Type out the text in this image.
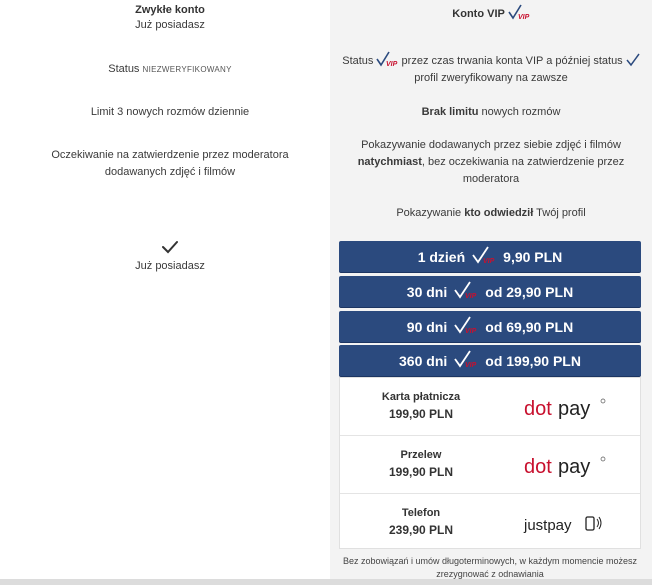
Zwykłe konto
Już posiadasz
Status NIEZWERYFIKOWANY
Limit 3 nowych rozmów dziennie
Oczekiwanie na zatwierdzenie przez moderatora dodawanych zdjęć i filmów
Już posiadasz
Konto VIP VIP
Status VIP przez czas trwania konta VIP a później status
profil zweryfikowany na zawsze
Brak limitu nowych rozmów
Pokazywanie dodawanych przez siebie zdjęć i filmów
natychmiast, bez oczekiwania na zatwierdzenie przez
moderatora
Pokazywanie kto odwiedził Twój profil
1 dzień	VIP 9,90 PLN
30 dni	VIP od 29,90 PLN
90 dni	VIP od 69,90 PLN
360 dni	VIP od 199,90 PLN
Karta płatnicza
199,90 PLN	dot pay
Przelew
199,90 PLN	dot pay
Telefon
239,90 PLN	justpay
Bez zobowiązań i umów długoterminowych, w każdym momencie możesz zrezygnować z odnawiania
